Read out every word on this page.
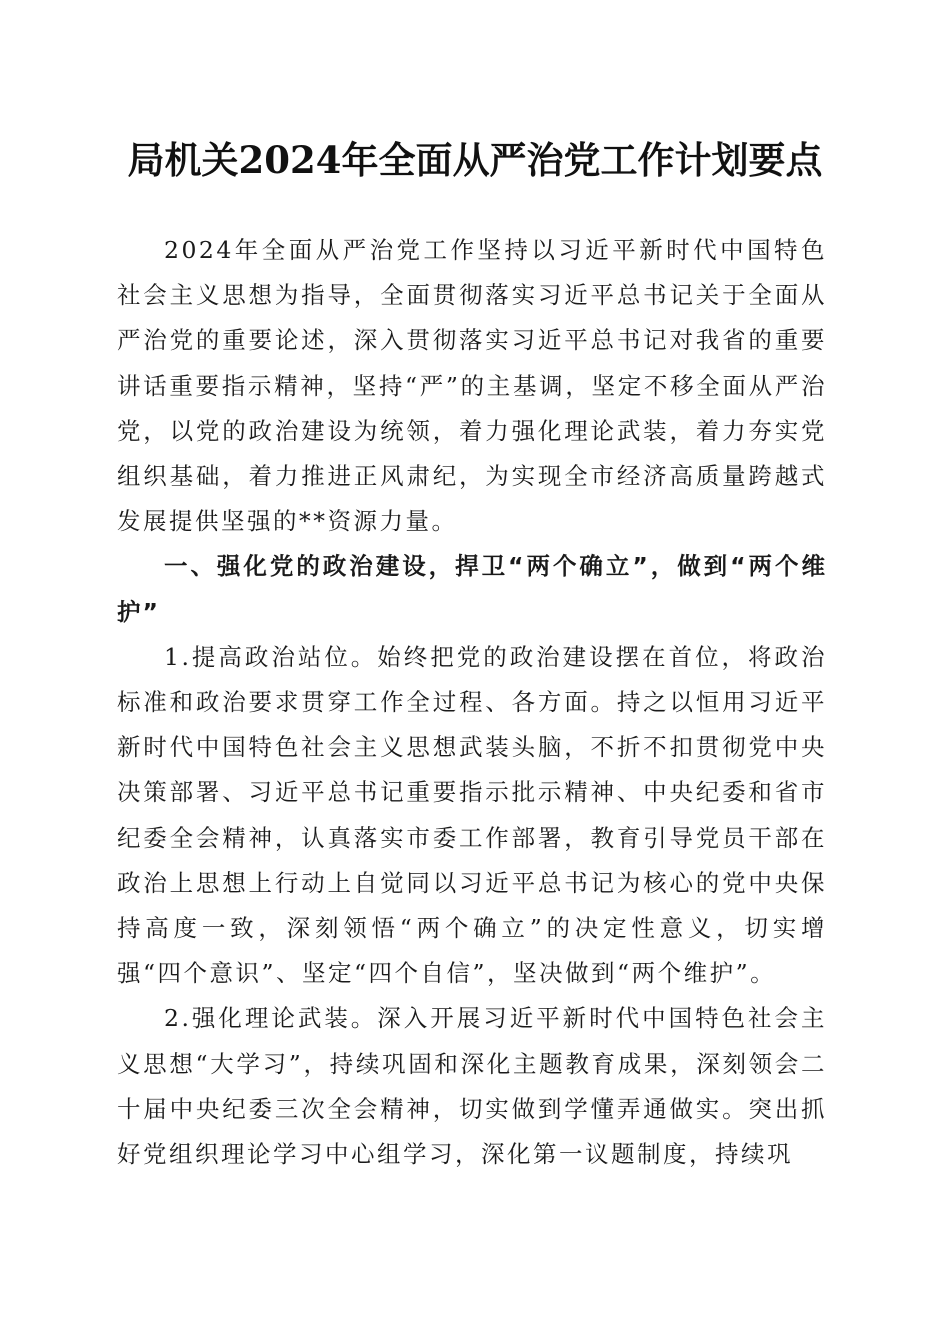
局机关2024年全面从严治党工作计划要点

2024年全面从严治党工作坚持以习近平新时代中国特色社会主义思想为指导，全面贯彻落实习近平总书记关于全面从严治党的重要论述，深入贯彻落实习近平总书记对我省的重要讲话重要指示精神，坚持“严”的主基调，坚定不移全面从严治党，以党的政治建设为统领，着力强化理论武装，着力夯实党组织基础，着力推进正风肃纪，为实现全市经济高质量跨越式发展提供坚强的**资源力量。

一、强化党的政治建设，捍卫“两个确立”，做到“两个维护”

1.提高政治站位。始终把党的政治建设摆在首位，将政治标准和政治要求贯穿工作全过程、各方面。持之以恒用习近平新时代中国特色社会主义思想武装头脑，不折不扣贯彻党中央决策部署、习近平总书记重要指示批示精神、中央纪委和省市纪委全会精神，认真落实市委工作部署，教育引导党员干部在政治上思想上行动上自觉同以习近平总书记为核心的党中央保持高度一致，深刻领悟“两个确立”的决定性意义，切实增强“四个意识”、坚定“四个自信”，坚决做到“两个维护”。

2.强化理论武装。深入开展习近平新时代中国特色社会主义思想“大学习”，持续巩固和深化主题教育成果，深刻领会二十届中央纪委三次全会精神，切实做到学懂弄通做实。突出抓好党组织理论学习中心组学习，深化第一议题制度，持续巩
